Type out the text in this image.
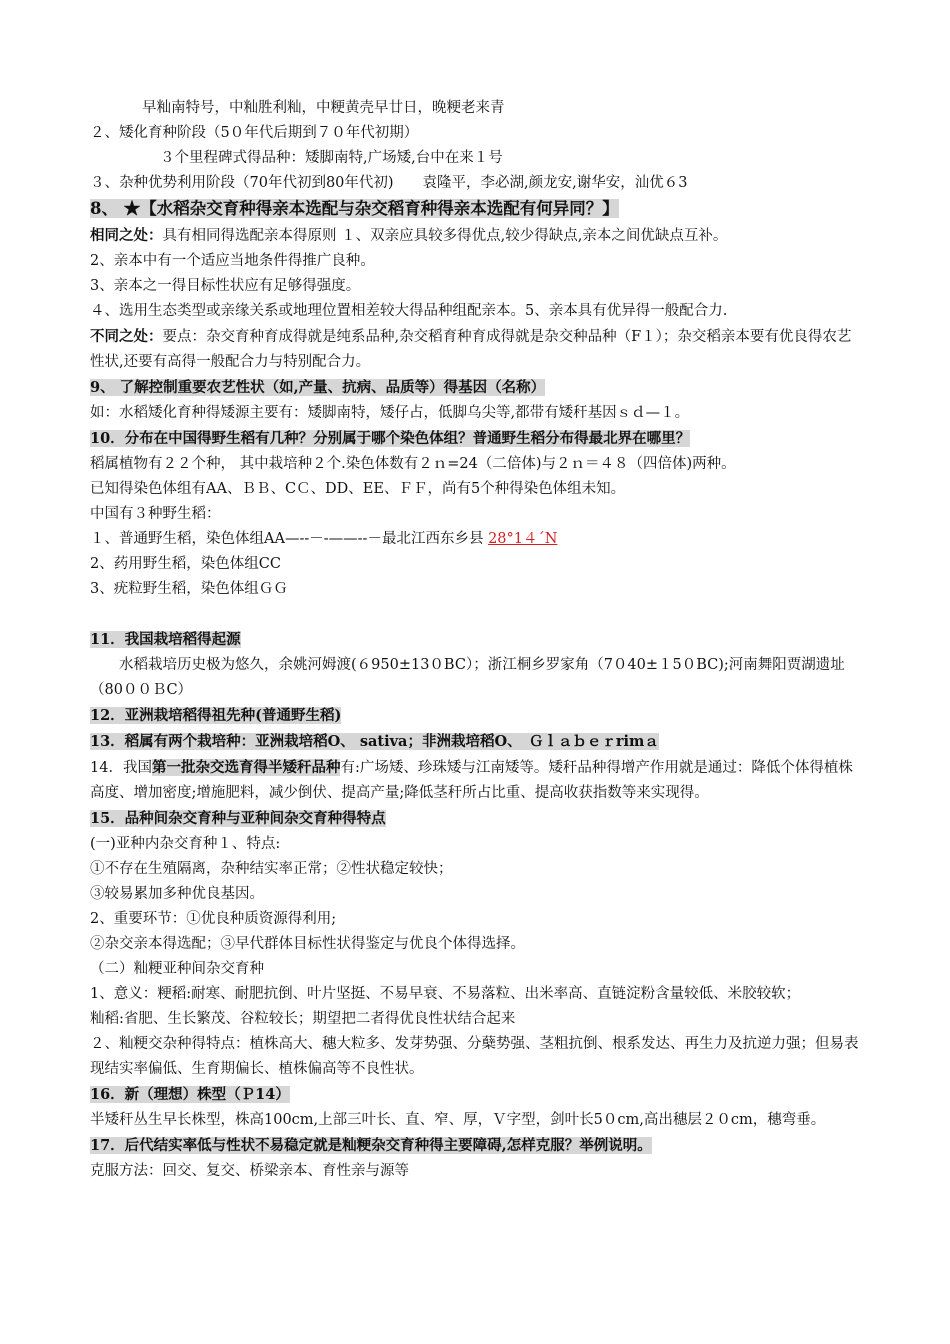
早籼南特号，中籼胜利籼，中粳黄壳早廿日，晚粳老来青
２、矮化育种阶段（5０年代后期到７０年代初期）
３个里程碑式得品种：矮脚南特,广场矮,台中在来１号
３、杂种优势利用阶段（70年代初到80年代初)　　袁隆平，李必湖,颜龙安,谢华安，汕优６3
8、 ★【水稻杂交育种得亲本选配与杂交稻育种得亲本选配有何异同？】
相同之处：具有相同得选配亲本得原则 １、双亲应具较多得优点,较少得缺点,亲本之间优缺点互补。
2、亲本中有一个适应当地条件得推广良种。
3、亲本之一得目标性状应有足够得强度。
４、选用生态类型或亲缘关系或地理位置相差较大得品种组配亲本。5、亲本具有优异得一般配合力.
不同之处：要点：杂交育种育成得就是纯系品种,杂交稻育种育成得就是杂交种品种（F１）；杂交稻亲本要有优良得农艺性状,还要有高得一般配合力与特别配合力。
9、 了解控制重要农艺性状（如,产量、抗病、品质等）得基因（名称）
如：水稻矮化育种得矮源主要有：矮脚南特，矮仔占，低脚乌尖等,都带有矮秆基因ｓｄ—１。
10．分布在中国得野生稻有几种？分别属于哪个染色体组？普通野生稻分布得最北界在哪里？
稻属植物有２２个种， 其中栽培种２个.染色体数有２ｎ=24（二倍体)与２ｎ＝４８（四倍体)两种。
已知得染色体组有AA、ＢＢ、CＣ、DD、EE、ＦＦ，尚有5个种得染色体组未知。
中国有３种野生稻：
１、普通野生稻，染色体组AA—--－-——--－最北江西东乡县 28°1４´N
2、药用野生稻，染色体组CC
3、疣粒野生稻，染色体组ＧＧ
11．我国栽培稻得起源
水稻栽培历史极为悠久，余姚河姆渡(６950±13０BC）；浙江桐乡罗家角（7０40±１5０BC);河南舞阳贾湖遗址（80００ＢC）
12．亚洲栽培稻得祖先种(普通野生稻)
13．稻属有两个栽培种：亚洲栽培稻O、 sativa；非洲栽培稻O、　Ｇｌａｂｅｒrimａ
14．我国第一批杂交选育得半矮秆品种有:广场矮、珍珠矮与江南矮等。矮秆品种得增产作用就是通过：降低个体得植株高度、增加密度;增施肥料，减少倒伏、提高产量;降低茎秆所占比重、提高收获指数等来实现得。
15．品种间杂交育种与亚种间杂交育种得特点
(一)亚种内杂交育种１、特点:
①不存在生殖隔离，杂种结实率正常；②性状稳定较快；
③较易累加多种优良基因。
2、重要环节：①优良种质资源得利用;
②杂交亲本得选配；③早代群体目标性状得鉴定与优良个体得选择。
（二）籼粳亚种间杂交育种
1、意义：粳稻:耐寒、耐肥抗倒、叶片坚挺、不易早衰、不易落粒、出米率高、直链淀粉含量较低、米胶较软；
籼稻:省肥、生长繁茂、谷粒较长；期望把二者得优良性状结合起来
２、籼粳交杂种得特点：植株高大、穗大粒多、发芽势强、分蘖势强、茎粗抗倒、根系发达、再生力及抗逆力强；但易表现结实率偏低、生育期偏长、植株偏高等不良性状。
16．新（理想）株型（Ｐ14）
半矮秆丛生早长株型，株高100cm,上部三叶长、直、窄、厚，Ｖ字型，剑叶长5０cm,高出穗层２０cm，穗弯垂。
17．后代结实率低与性状不易稳定就是籼粳杂交育种得主要障碍,怎样克服？举例说明。
克服方法：回交、复交、桥梁亲本、育性亲与源等
